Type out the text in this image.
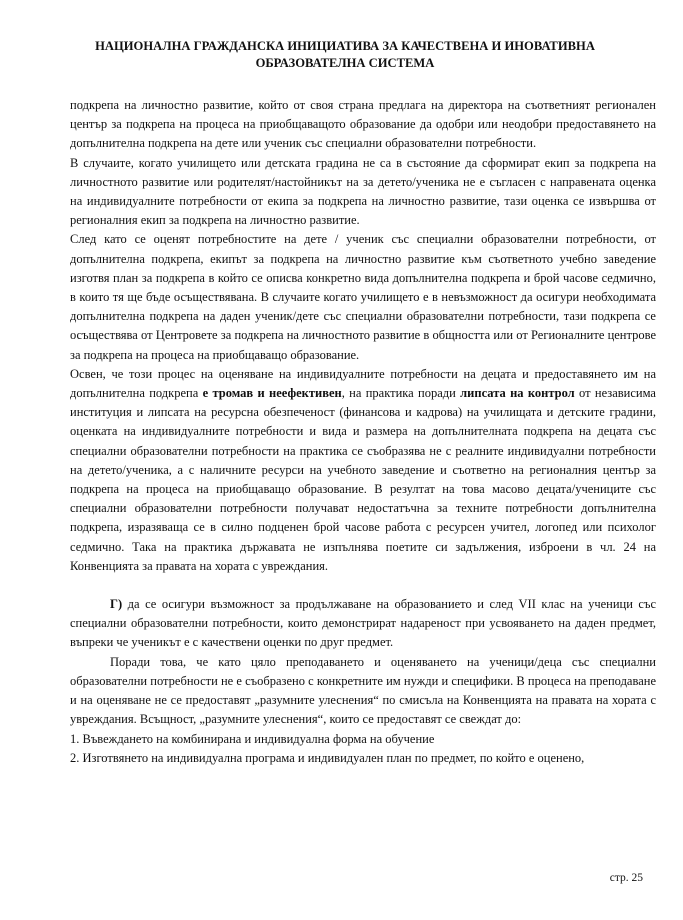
НАЦИОНАЛНА ГРАЖДАНСКА ИНИЦИАТИВА ЗА КАЧЕСТВЕНА И ИНОВАТИВНА
ОБРАЗОВАТЕЛНА СИСТЕМА

подкрепа на личностно развитие, който от своя страна предлага на директора на съответният регионален център за подкрепа на процеса на приобщаващото образование да одобри или неодобри предоставянето на допълнителна подкрепа на дете или ученик със специални образователни потребности.

В случаите, когато училището или детската градина не са в състояние да сформират екип за подкрепа на личностното развитие или родителят/настойникът на за детето/ученика не е съгласен с направената оценка на индивидуалните потребности от екипа за подкрепа на личностно развитие, тази оценка се извършва от регионалния екип за подкрепа на личностно развитие.

След като се оценят потребностите на дете / ученик със специални образователни потребности, от допълнителна подкрепа, екипът за подкрепа на личностно развитие към съответното учебно заведение изготвя план за подкрепа в който се описва конкретно вида допълнителна подкрепа и брой часове седмично, в които тя ще бъде осъществявана. В случаите когато училището е в невъзможност да осигури необходимата допълнителна подкрепа на даден ученик/дете със специални образователни потребности, тази подкрепа се осъществява от Центровете за подкрепа на личностното развитие в общността или от Регионалните центрове за подкрепа на процеса на приобщаващо образование.

Освен, че този процес на оценяване на индивидуалните потребности на децата и предоставянето им на допълнителна подкрепа е тромав и неефективен, на практика поради липсата на контрол от независима институция и липсата на ресурсна обезпеченост (финансова и кадрова) на училищата и детските градини, оценката на индивидуалните потребности и вида и размера на допълнителната подкрепа на децата със специални образователни потребности на практика се съобразява не с реалните индивидуални потребности на детето/ученика, а с наличните ресурси на учебното заведение и съответно на регионалния център за подкрепа на процеса на приобщаващо образование. В резултат на това масово децата/учениците със специални образователни потребности получават недостатъчна за техните потребности допълнителна подкрепа, изразяваща се в силно подценен брой часове работа с ресурсен учител, логопед или психолог седмично. Така на практика държавата не изпълнява поетите си задължения, изброени в чл. 24 на Конвенцията за правата на хората с увреждания.

Г) да се осигури възможност за продължаване на образованието и след VII клас на ученици със специални образователни потребности, които демонстрират надареност при усвояването на даден предмет, въпреки че ученикът е с качествени оценки по друг предмет.

Поради това, че като цяло преподаването и оценяването на ученици/деца със специални образователни потребности не е съобразено с конкретните им нужди и специфики. В процеса на преподаване и на оценяване не се предоставят „разумните улеснения“ по смисъла на Конвенцията на правата на хората с увреждания. Всъщност, „разумните улеснения“, които се предоставят се свеждат до:

1. Въвеждането на комбинирана и индивидуална форма на обучение

2. Изготвянето на индивидуална програма и индивидуален план по предмет, по който е оценено,

стр. 25
